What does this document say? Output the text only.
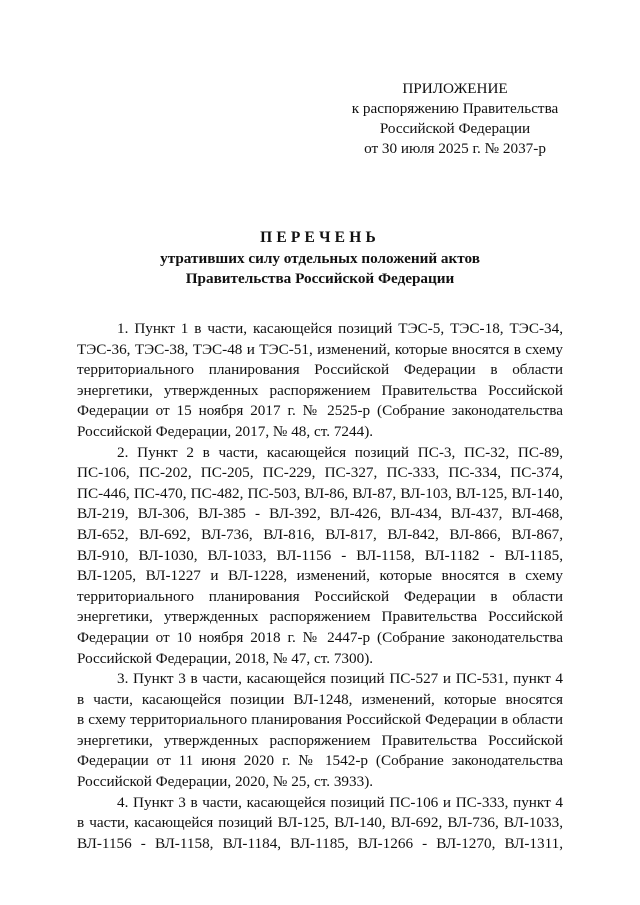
ПРИЛОЖЕНИЕ
к распоряжению Правительства
Российской Федерации
от 30 июля 2025 г. № 2037-р
ПЕРЕЧЕНЬ
утративших силу отдельных положений актов
Правительства Российской Федерации
1. Пункт 1 в части, касающейся позиций ТЭС-5, ТЭС-18, ТЭС-34,
ТЭС-36, ТЭС-38, ТЭС-48 и ТЭС-51, изменений, которые вносятся в схему
территориального планирования Российской Федерации в области
энергетики, утвержденных распоряжением Правительства Российской
Федерации от 15 ноября 2017 г. № 2525-р (Собрание законодательства
Российской Федерации, 2017, № 48, ст. 7244).
2. Пункт 2 в части, касающейся позиций ПС-3, ПС-32, ПС-89,
ПС-106, ПС-202, ПС-205, ПС-229, ПС-327, ПС-333, ПС-334, ПС-374,
ПС-446, ПС-470, ПС-482, ПС-503, ВЛ-86, ВЛ-87, ВЛ-103, ВЛ-125, ВЛ-140,
ВЛ-219, ВЛ-306, ВЛ-385 - ВЛ-392, ВЛ-426, ВЛ-434, ВЛ-437, ВЛ-468,
ВЛ-652, ВЛ-692, ВЛ-736, ВЛ-816, ВЛ-817, ВЛ-842, ВЛ-866, ВЛ-867,
ВЛ-910, ВЛ-1030, ВЛ-1033, ВЛ-1156 - ВЛ-1158, ВЛ-1182 - ВЛ-1185,
ВЛ-1205, ВЛ-1227 и ВЛ-1228, изменений, которые вносятся в схему
территориального планирования Российской Федерации в области
энергетики, утвержденных распоряжением Правительства Российской
Федерации от 10 ноября 2018 г. № 2447-р (Собрание законодательства
Российской Федерации, 2018, № 47, ст. 7300).
3. Пункт 3 в части, касающейся позиций ПС-527 и ПС-531, пункт 4
в части, касающейся позиции ВЛ-1248, изменений, которые вносятся
в схему территориального планирования Российской Федерации в области
энергетики, утвержденных распоряжением Правительства Российской
Федерации от 11 июня 2020 г. № 1542-р (Собрание законодательства
Российской Федерации, 2020, № 25, ст. 3933).
4. Пункт 3 в части, касающейся позиций ПС-106 и ПС-333, пункт 4
в части, касающейся позиций ВЛ-125, ВЛ-140, ВЛ-692, ВЛ-736, ВЛ-1033,
ВЛ-1156 - ВЛ-1158, ВЛ-1184, ВЛ-1185, ВЛ-1266 - ВЛ-1270, ВЛ-1311,
